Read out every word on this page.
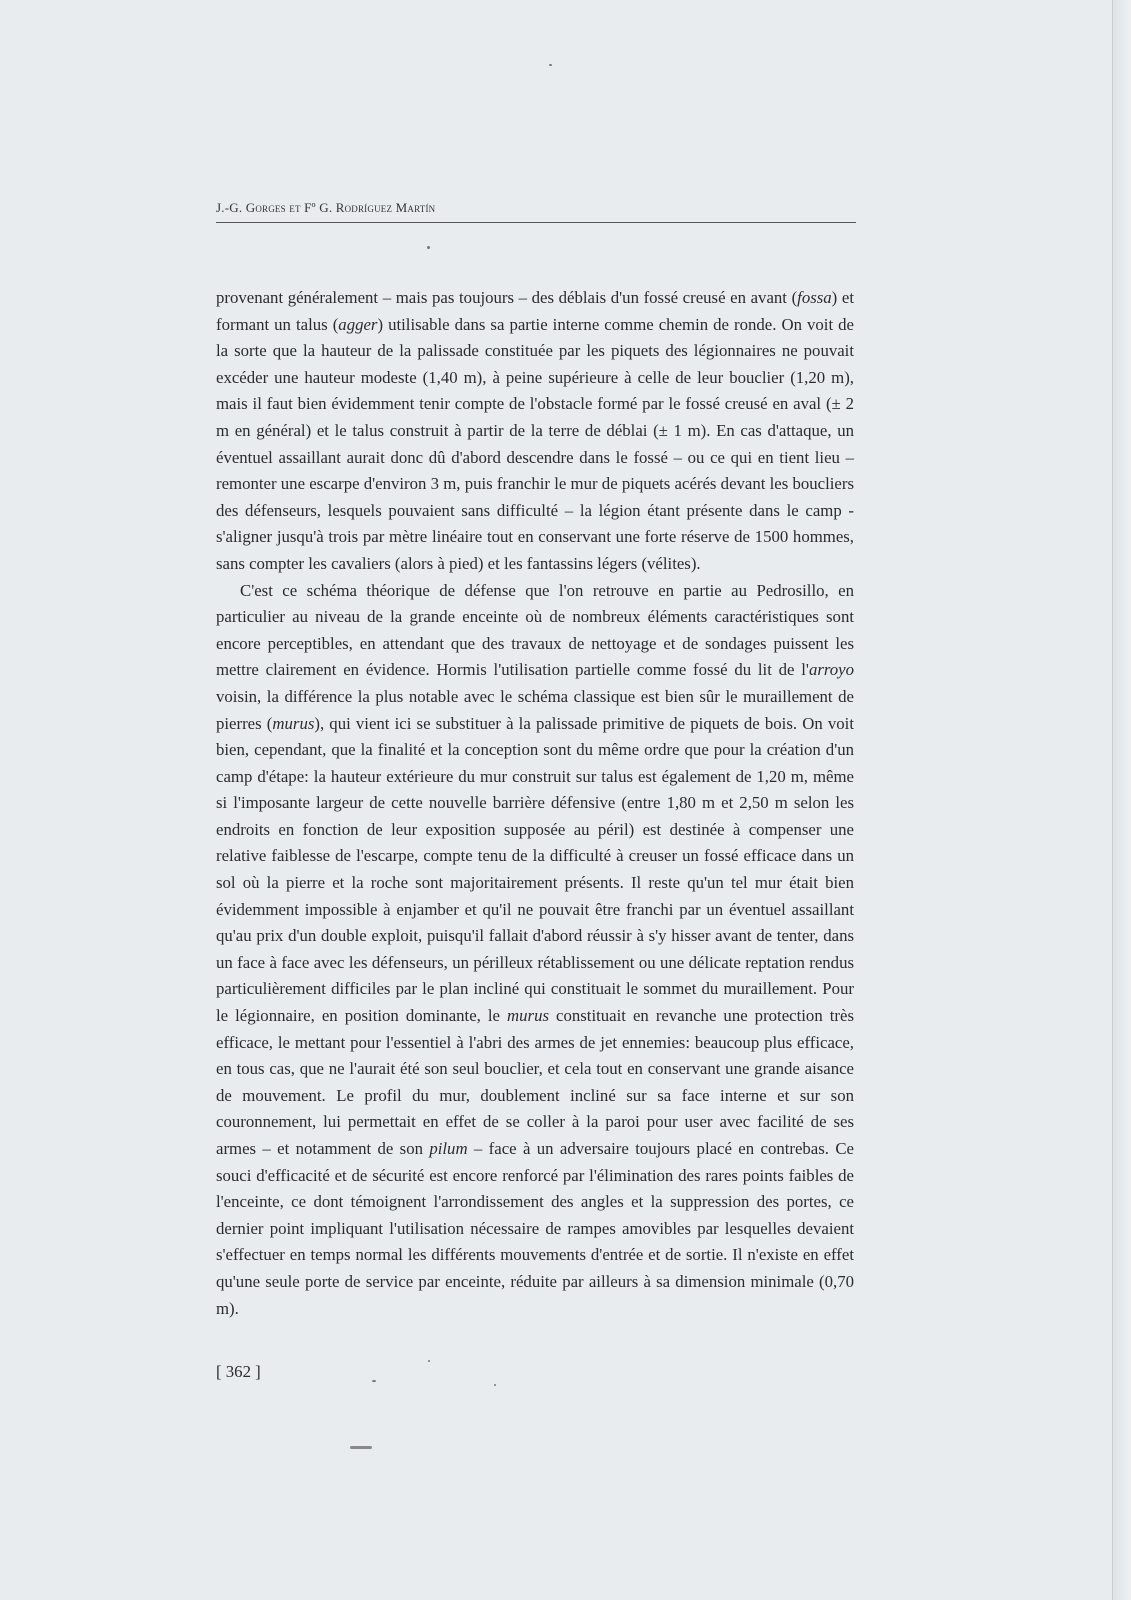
J.-G. Gorges et Fº G. Rodríguez Martín

provenant généralement – mais pas toujours – des déblais d'un fossé creusé en avant (fossa) et formant un talus (agger) utilisable dans sa partie interne comme chemin de ronde. On voit de la sorte que la hauteur de la palissade constituée par les piquets des légionnaires ne pouvait excéder une hauteur modeste (1,40 m), à peine supérieure à celle de leur bouclier (1,20 m), mais il faut bien évidemment tenir compte de l'obstacle formé par le fossé creusé en aval (± 2 m en général) et le talus construit à partir de la terre de déblai (± 1 m). En cas d'attaque, un éventuel assaillant aurait donc dû d'abord descendre dans le fossé – ou ce qui en tient lieu – remonter une escarpe d'environ 3 m, puis franchir le mur de piquets acérés devant les boucliers des défenseurs, lesquels pouvaient sans difficulté – la légion étant présente dans le camp - s'aligner jusqu'à trois par mètre linéaire tout en conservant une forte réserve de 1500 hommes, sans compter les cavaliers (alors à pied) et les fantassins légers (vélites).

C'est ce schéma théorique de défense que l'on retrouve en partie au Pedrosillo, en particulier au niveau de la grande enceinte où de nombreux éléments caractéristiques sont encore perceptibles, en attendant que des travaux de nettoyage et de sondages puissent les mettre clairement en évidence. Hormis l'utilisation partielle comme fossé du lit de l'arroyo voisin, la différence la plus notable avec le schéma classique est bien sûr le muraillement de pierres (murus), qui vient ici se substituer à la palissade primitive de piquets de bois. On voit bien, cependant, que la finalité et la conception sont du même ordre que pour la création d'un camp d'étape: la hauteur extérieure du mur construit sur talus est également de 1,20 m, même si l'imposante largeur de cette nouvelle barrière défensive (entre 1,80 m et 2,50 m selon les endroits en fonction de leur exposition supposée au péril) est destinée à compenser une relative faiblesse de l'escarpe, compte tenu de la difficulté à creuser un fossé efficace dans un sol où la pierre et la roche sont majoritairement présents. Il reste qu'un tel mur était bien évidemment impossible à enjamber et qu'il ne pouvait être franchi par un éventuel assaillant qu'au prix d'un double exploit, puisqu'il fallait d'abord réussir à s'y hisser avant de tenter, dans un face à face avec les défenseurs, un périlleux rétablissement ou une délicate reptation rendus particulièrement difficiles par le plan incliné qui constituait le sommet du muraillement. Pour le légionnaire, en position dominante, le murus constituait en revanche une protection très efficace, le mettant pour l'essentiel à l'abri des armes de jet ennemies: beaucoup plus efficace, en tous cas, que ne l'aurait été son seul bouclier, et cela tout en conservant une grande aisance de mouvement. Le profil du mur, doublement incliné sur sa face interne et sur son couronnement, lui permettait en effet de se coller à la paroi pour user avec facilité de ses armes – et notamment de son pilum – face à un adversaire toujours placé en contrebas. Ce souci d'efficacité et de sécurité est encore renforcé par l'élimination des rares points faibles de l'enceinte, ce dont témoignent l'arrondissement des angles et la suppression des portes, ce dernier point impliquant l'utilisation nécessaire de rampes amovibles par lesquelles devaient s'effectuer en temps normal les différents mouvements d'entrée et de sortie. Il n'existe en effet qu'une seule porte de service par enceinte, réduite par ailleurs à sa dimension minimale (0,70 m).

[ 362 ]
